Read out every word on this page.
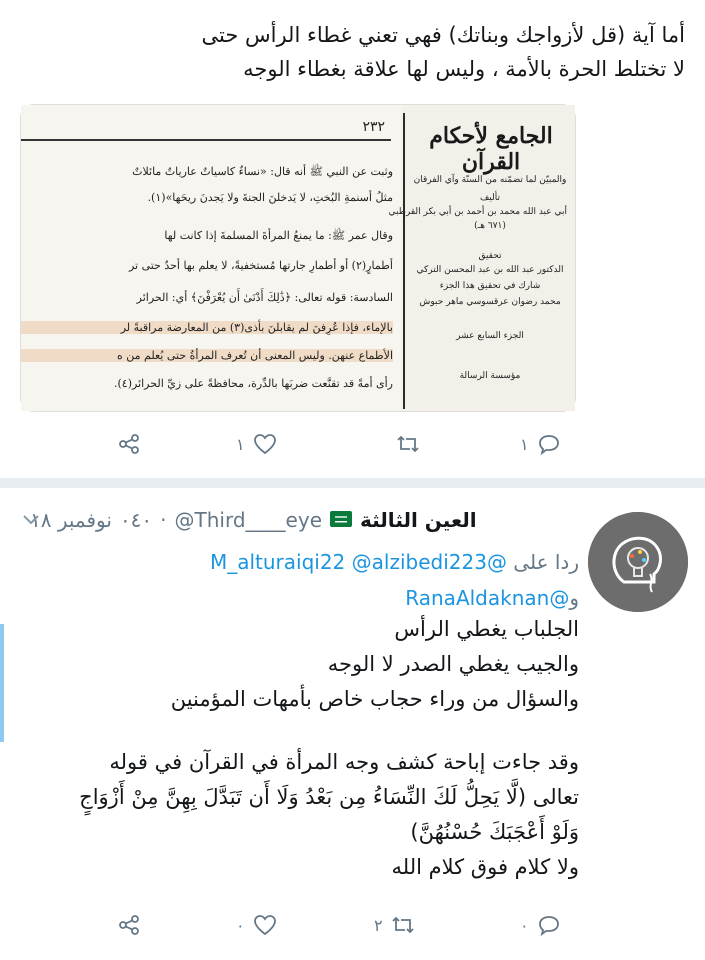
أما آية (قل لأزواجك وبناتك) فهي تعني غطاء الرأس حتى
لا تختلط الحرة بالأمة ، وليس لها علاقة بغطاء الوجه
٢٣٢
وثبت عن النبي ﷺ أنه قال: «نساءٌ كاسياتٌ عارياتٌ مائلاتٌ
مثلُ أسنمةِ البُختِ، لا يَدخلنَ الجنةَ ولا يَجدنَ ريحَها»(١).
وقال عمر ﷺ: ما يمنعُ المرأةَ المسلمةَ إذا كانت لها
أطمارٍ(٢) أو أطمارِ جارتها مُستخفيةً، لا يعلم بها أحدٌ حتى تر
السادسة: قوله تعالى: ﴿ذَٰلِكَ أَدْنَىٰ أَن يُعْرَفْنَ﴾ أي: الحرائر
بالإماء، فإذا عُرِفنَ لم يقابلنَ بأذى(٣) من المعارضة مراقبةً لر
الأطماع عنهن. وليس المعنى أن تُعرف المرأةُ حتى يُعلم من ه
رأى أمةً قد تقنَّعت ضربَها بالدِّرة، محافظةً على زيِّ الحرائر(٤).
الجامع لأحكام القرآن
والمبيّن لما تضمّنه من السنّة وآي الفرقان
تأليف
أبي عبد الله محمد بن أحمد بن أبي بكر القرطبي
(٦٧١ هـ)
تحقيق
الدكتور عبد الله بن عبد المحسن التركي
شارك في تحقيق هذا الجزء
محمد رضوان عرقسوسي ماهر حبوش
الجزء السابع عشر
مؤسسة الرسالة
١	١
العين الثالثة
@Third____eye
·
٠٤٠
نوفمبر ١٨
ردا على @M_alturaiqi22 @alzibedi223
و@RanaAldaknan

الجلباب يغطي الرأس

والجيب يغطي الصدر لا الوجه

والسؤال من وراء حجاب خاص بأمهات المؤمنين

وقد جاءت إباحة كشف وجه المرأة في القرآن في قوله

تعالى (لَّا يَحِلُّ لَكَ النِّسَاءُ مِن بَعْدُ وَلَا أَن تَبَدَّلَ بِهِنَّ مِنْ أَزْوَاجٍ

وَلَوْ أَعْجَبَكَ حُسْنُهُنَّ)

ولا كلام فوق كلام الله

٠	٢	٠
